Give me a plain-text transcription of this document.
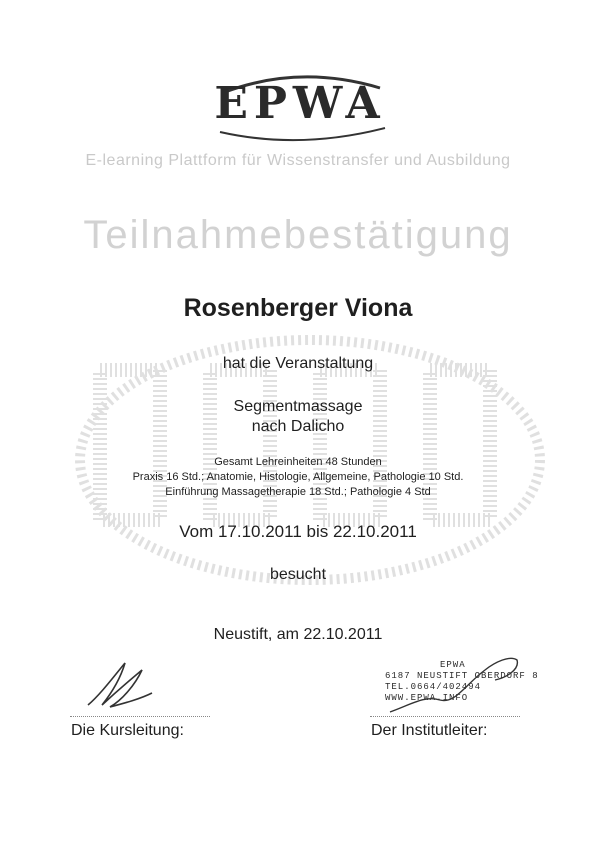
EPWA
E-learning Plattform für Wissenstransfer und Ausbildung
Teilnahmebestätigung
Rosenberger Viona
hat die Veranstaltung
Segmentmassage
nach Dalicho
Gesamt Lehreinheiten 48 Stunden
Praxis 16 Std.; Anatomie, Histologie, Allgemeine, Pathologie 10 Std.
Einführung Massagetherapie 18 Std.; Pathologie 4 Std
Vom 17.10.2011 bis 22.10.2011
besucht
Neustift, am 22.10.2011
EPWA
6187 NEUSTIFT OBERDORF 8
TEL.0664/402494
WWW.EPWA.INFO
Die Kursleitung:	Der Institutleiter:
